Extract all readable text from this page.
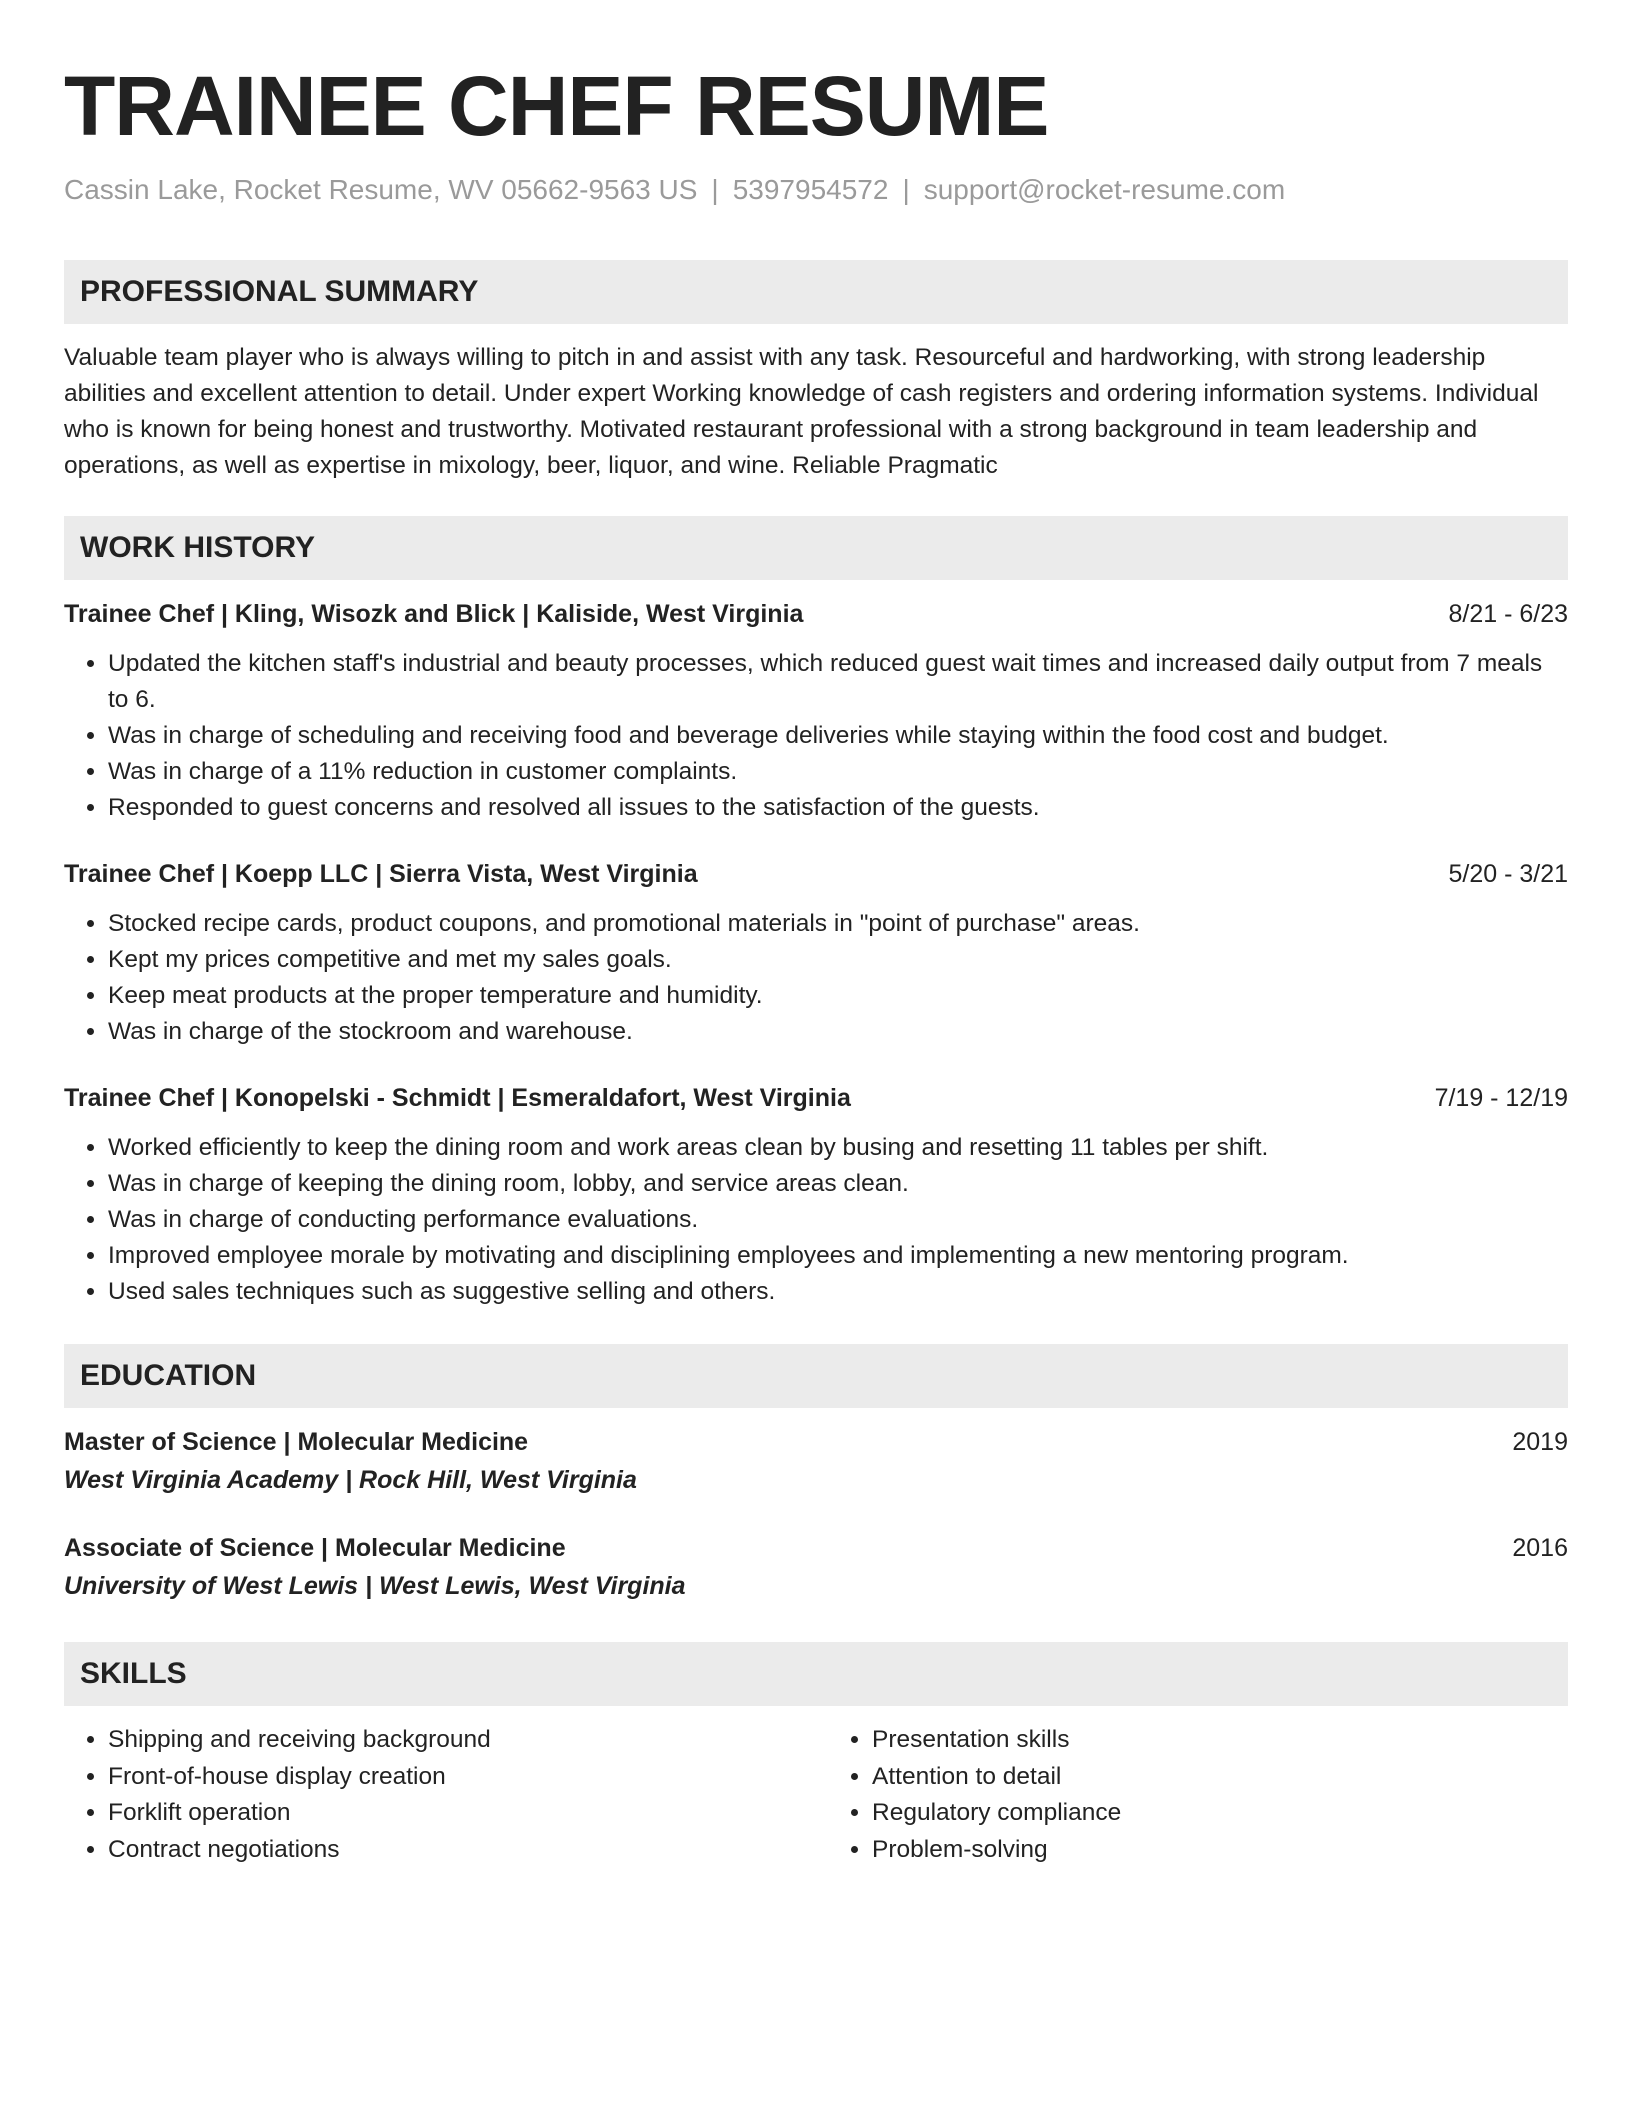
TRAINEE CHEF RESUME
Cassin Lake, Rocket Resume, WV 05662-9563 US | 5397954572 | support@rocket-resume.com
PROFESSIONAL SUMMARY
Valuable team player who is always willing to pitch in and assist with any task. Resourceful and hardworking, with strong leadership abilities and excellent attention to detail. Under expert Working knowledge of cash registers and ordering information systems. Individual who is known for being honest and trustworthy. Motivated restaurant professional with a strong background in team leadership and operations, as well as expertise in mixology, beer, liquor, and wine. Reliable Pragmatic
WORK HISTORY
Trainee Chef | Kling, Wisozk and Blick | Kaliside, West Virginia	8/21 - 6/23
• Updated the kitchen staff's industrial and beauty processes, which reduced guest wait times and increased daily output from 7 meals to 6.
• Was in charge of scheduling and receiving food and beverage deliveries while staying within the food cost and budget.
• Was in charge of a 11% reduction in customer complaints.
• Responded to guest concerns and resolved all issues to the satisfaction of the guests.
Trainee Chef | Koepp LLC | Sierra Vista, West Virginia	5/20 - 3/21
• Stocked recipe cards, product coupons, and promotional materials in "point of purchase" areas.
• Kept my prices competitive and met my sales goals.
• Keep meat products at the proper temperature and humidity.
• Was in charge of the stockroom and warehouse.
Trainee Chef | Konopelski - Schmidt | Esmeraldafort, West Virginia	7/19 - 12/19
• Worked efficiently to keep the dining room and work areas clean by busing and resetting 11 tables per shift.
• Was in charge of keeping the dining room, lobby, and service areas clean.
• Was in charge of conducting performance evaluations.
• Improved employee morale by motivating and disciplining employees and implementing a new mentoring program.
• Used sales techniques such as suggestive selling and others.
EDUCATION
Master of Science | Molecular Medicine	2019
West Virginia Academy | Rock Hill, West Virginia
Associate of Science | Molecular Medicine	2016
University of West Lewis | West Lewis, West Virginia
SKILLS
• Shipping and receiving background
• Front-of-house display creation
• Forklift operation
• Contract negotiations
• Presentation skills
• Attention to detail
• Regulatory compliance
• Problem-solving
